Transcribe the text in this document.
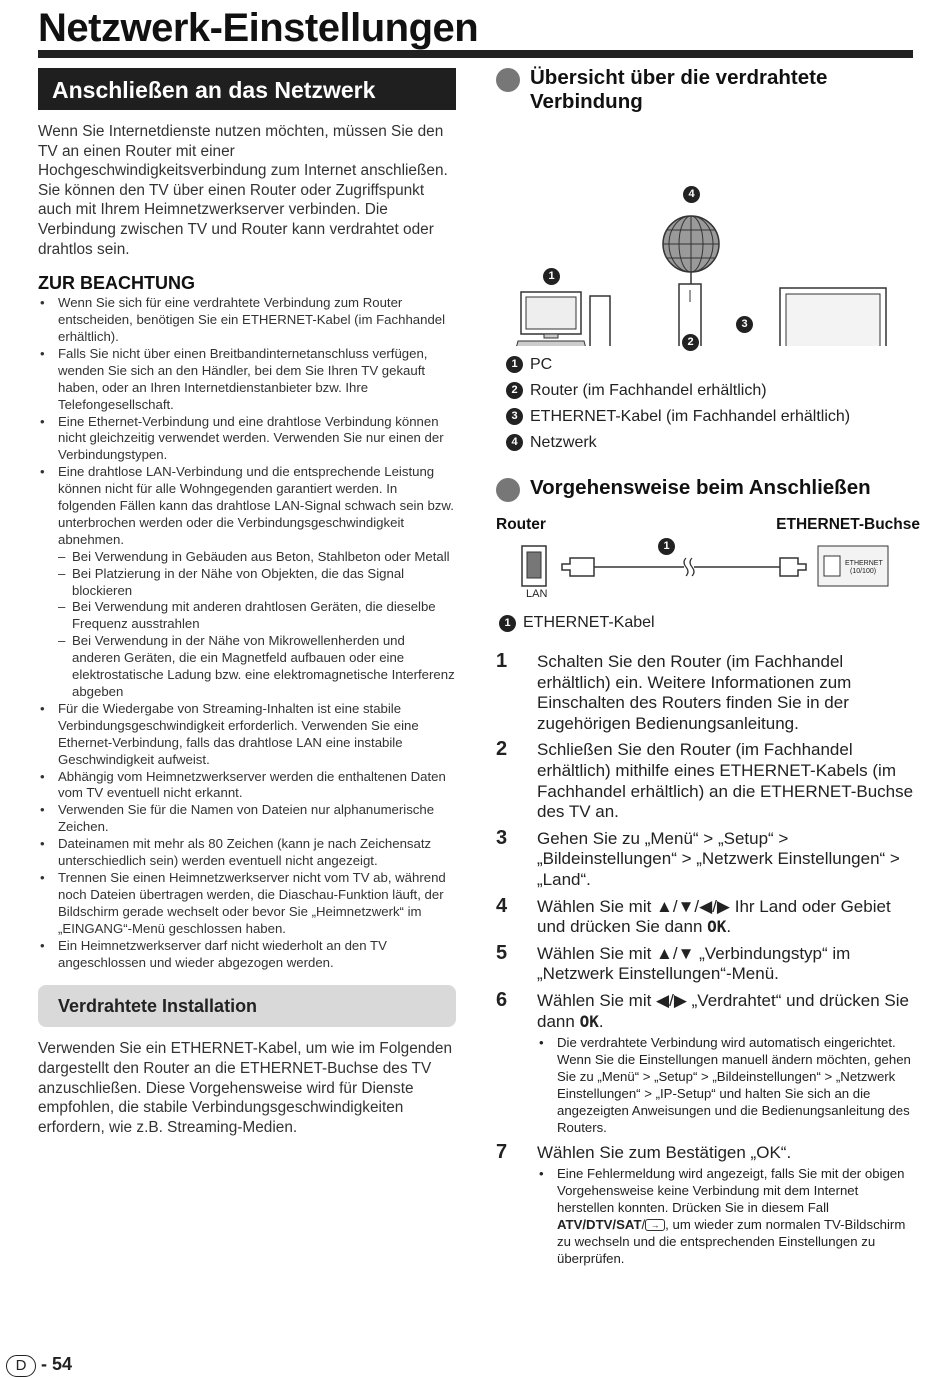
Netzwerk-Einstellungen
Anschließen an das Netzwerk

Wenn Sie Internetdienste nutzen möchten, müssen Sie den TV an einen Router mit einer Hochgeschwindigkeitsverbindung zum Internet anschließen. Sie können den TV über einen Router oder Zugriffspunkt auch mit Ihrem Heimnetzwerkserver verbinden. Die Verbindung zwischen TV und Router kann verdrahtet oder drahtlos sein.

ZUR BEACHTUNG
• Wenn Sie sich für eine verdrahtete Verbindung zum Router entscheiden, benötigen Sie ein ETHERNET-Kabel (im Fachhandel erhältlich).
• Falls Sie nicht über einen Breitbandinternetanschluss verfügen, wenden Sie sich an den Händler, bei dem Sie Ihren TV gekauft haben, oder an Ihren Internetdienstanbieter bzw. Ihre Telefongesellschaft.
• Eine Ethernet-Verbindung und eine drahtlose Verbindung können nicht gleichzeitig verwendet werden. Verwenden Sie nur einen der Verbindungstypen.
• Eine drahtlose LAN-Verbindung und die entsprechende Leistung können nicht für alle Wohngegenden garantiert werden. In folgenden Fällen kann das drahtlose LAN-Signal schwach sein bzw. unterbrochen werden oder die Verbindungsgeschwindigkeit abnehmen.
– Bei Verwendung in Gebäuden aus Beton, Stahlbeton oder Metall
– Bei Platzierung in der Nähe von Objekten, die das Signal blockieren
– Bei Verwendung mit anderen drahtlosen Geräten, die dieselbe Frequenz ausstrahlen
– Bei Verwendung in der Nähe von Mikrowellenherden und anderen Geräten, die ein Magnetfeld aufbauen oder eine elektrostatische Ladung bzw. eine elektromagnetische Interferenz abgeben
• Für die Wiedergabe von Streaming-Inhalten ist eine stabile Verbindungsgeschwindigkeit erforderlich. Verwenden Sie eine Ethernet-Verbindung, falls das drahtlose LAN eine instabile Geschwindigkeit aufweist.
• Abhängig vom Heimnetzwerkserver werden die enthaltenen Daten vom TV eventuell nicht erkannt.
• Verwenden Sie für die Namen von Dateien nur alphanumerische Zeichen.
• Dateinamen mit mehr als 80 Zeichen (kann je nach Zeichensatz unterschiedlich sein) werden eventuell nicht angezeigt.
• Trennen Sie einen Heimnetzwerkserver nicht vom TV ab, während noch Dateien übertragen werden, die Diaschau-Funktion läuft, der Bildschirm gerade wechselt oder bevor Sie „Heimnetzwerk“ im „EINGANG“-Menü geschlossen haben.
• Ein Heimnetzwerkserver darf nicht wiederholt an den TV angeschlossen und wieder abgezogen werden.
Verdrahtete Installation

Verwenden Sie ein ETHERNET-Kabel, um wie im Folgenden dargestellt den Router an die ETHERNET-Buchse des TV anzuschließen. Diese Vorgehensweise wird für Dienste empfohlen, die stabile Verbindungsgeschwindigkeiten erfordern, wie z.B. Streaming-Medien.

Übersicht über die verdrahtete Verbindung
4
1
2
3
1 PC
2 Router (im Fachhandel erhältlich)
3 ETHERNET-Kabel (im Fachhandel erhältlich)
4 Netzwerk
Vorgehensweise beim Anschließen
Router	ETHERNET-Buchse
1
LAN
ETHERNET
(10/100)
1 ETHERNET-Kabel
1 Schalten Sie den Router (im Fachhandel erhältlich) ein. Weitere Informationen zum Einschalten des Routers finden Sie in der zugehörigen Bedienungsanleitung.
2 Schließen Sie den Router (im Fachhandel erhältlich) mithilfe eines ETHERNET-Kabels (im Fachhandel erhältlich) an die ETHERNET-Buchse des TV an.
3 Gehen Sie zu „Menü“ > „Setup“ > „Bildeinstellungen“ > „Netzwerk Einstellungen“ > „Land“.
4 Wählen Sie mit ▲/▼/◀/▶ Ihr Land oder Gebiet und drücken Sie dann OK.
5 Wählen Sie mit ▲/▼ „Verbindungstyp“ im „Netzwerk Einstellungen“-Menü.
6 Wählen Sie mit ◀/▶ „Verdrahtet“ und drücken Sie dann OK.
• Die verdrahtete Verbindung wird automatisch eingerichtet. Wenn Sie die Einstellungen manuell ändern möchten, gehen Sie zu „Menü“ > „Setup“ > „Bildeinstellungen“ > „Netzwerk Einstellungen“ > „IP-Setup“ und halten Sie sich an die angezeigten Anweisungen und die Bedienungsanleitung des Routers.
7 Wählen Sie zum Bestätigen „OK“.
• Eine Fehlermeldung wird angezeigt, falls Sie mit der obigen Vorgehensweise keine Verbindung mit dem Internet herstellen konnten. Drücken Sie in diesem Fall ATV/DTV/SAT/ → , um wieder zum normalen TV-Bildschirm zu wechseln und die entsprechenden Einstellungen zu überprüfen.
D - 54
